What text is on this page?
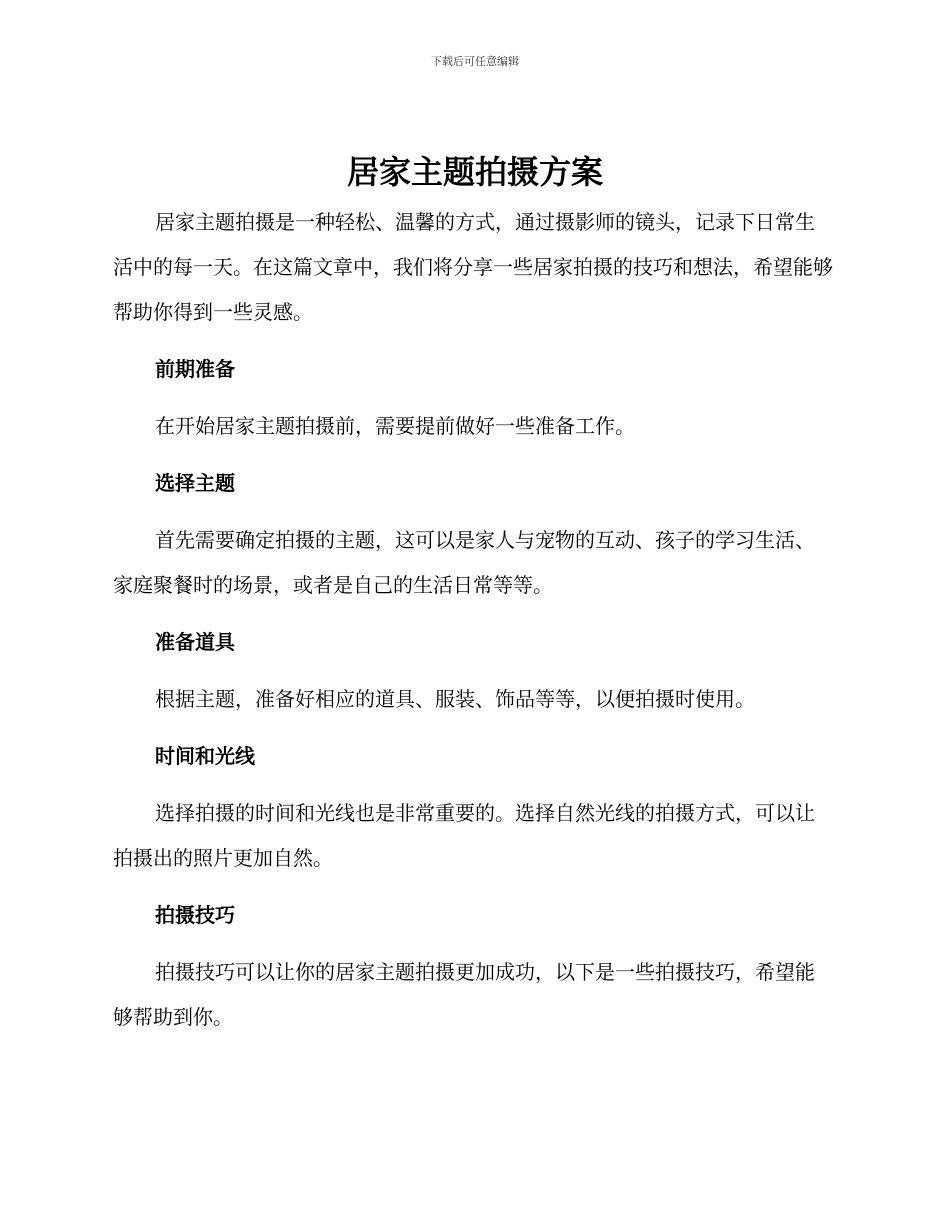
下载后可任意编辑
居家主题拍摄方案

居家主题拍摄是一种轻松、温馨的方式，通过摄影师的镜头，记录下日常生活中的每一天。在这篇文章中，我们将分享一些居家拍摄的技巧和想法，希望能够帮助你得到一些灵感。

前期准备

在开始居家主题拍摄前，需要提前做好一些准备工作。

选择主题

首先需要确定拍摄的主题，这可以是家人与宠物的互动、孩子的学习生活、家庭聚餐时的场景，或者是自己的生活日常等等。

准备道具

根据主题，准备好相应的道具、服装、饰品等等，以便拍摄时使用。

时间和光线

选择拍摄的时间和光线也是非常重要的。选择自然光线的拍摄方式，可以让拍摄出的照片更加自然。

拍摄技巧

拍摄技巧可以让你的居家主题拍摄更加成功，以下是一些拍摄技巧，希望能够帮助到你。
